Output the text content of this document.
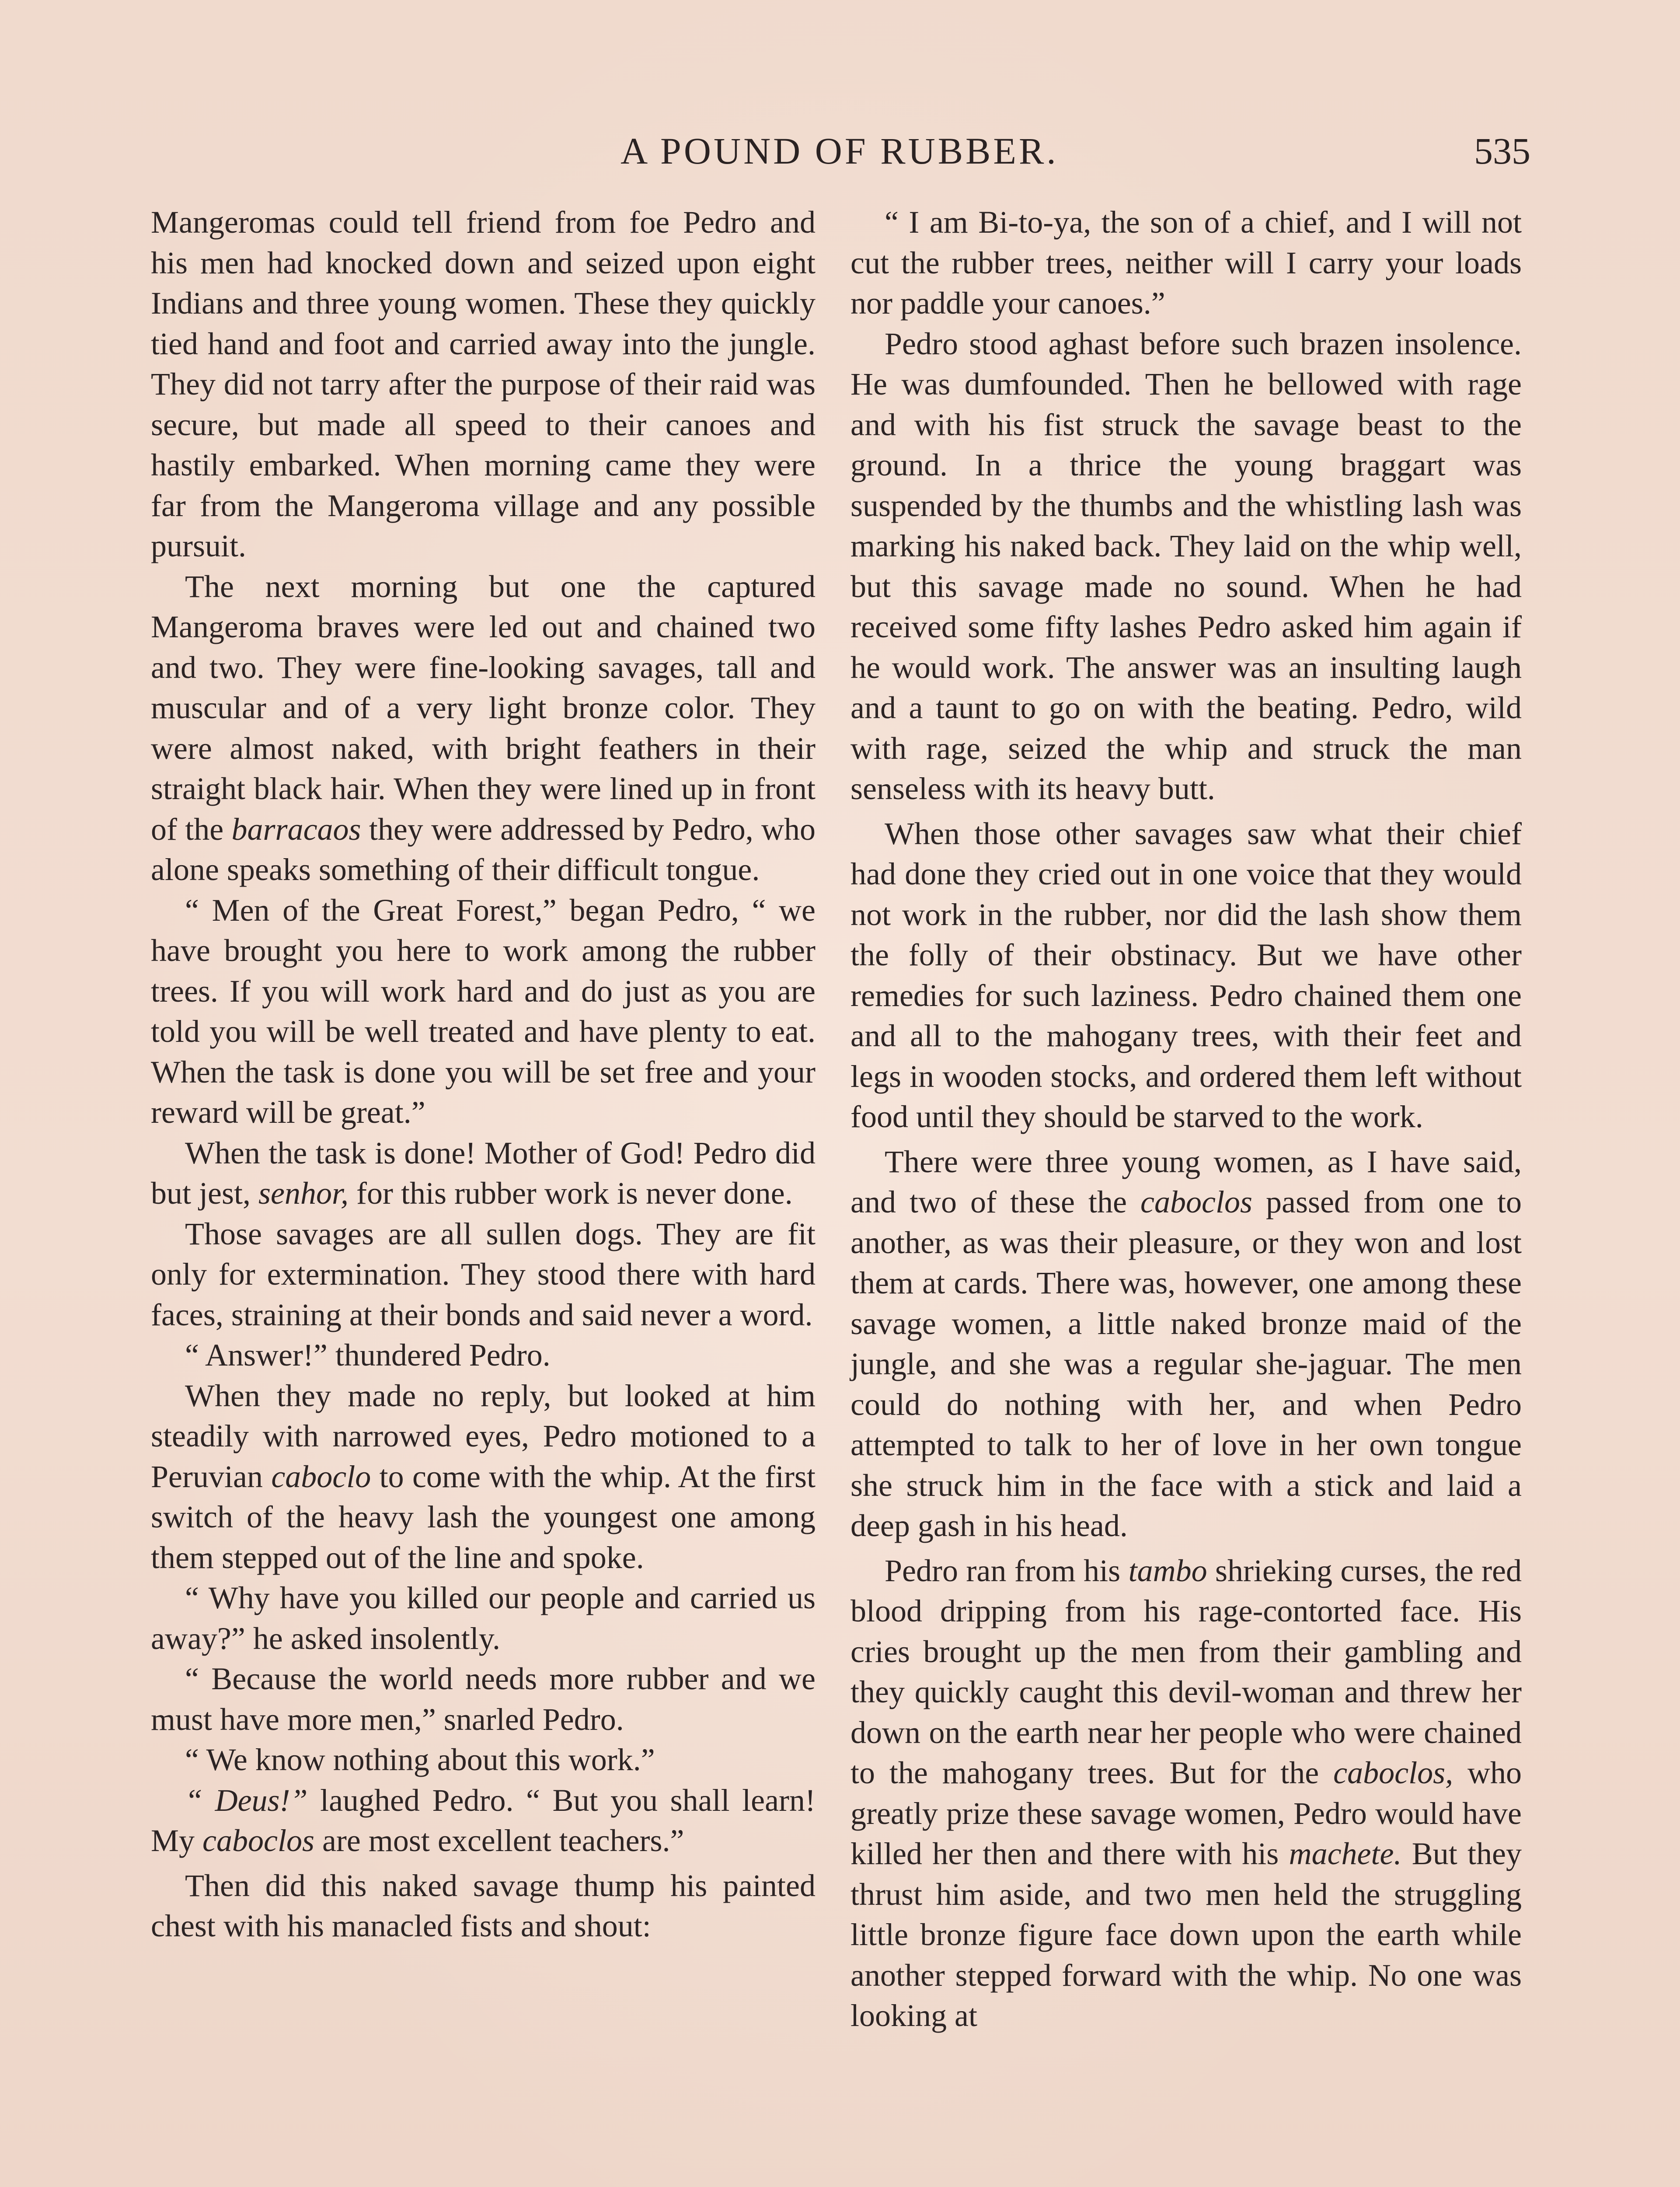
A POUND OF RUBBER.	535

Mangeromas could tell friend from foe Pedro and his men had knocked down and seized upon eight Indians and three young women. These they quickly tied hand and foot and carried away into the jungle. They did not tarry after the purpose of their raid was secure, but made all speed to their canoes and hastily embarked. When morning came they were far from the Mangeroma village and any possible pursuit.

The next morning but one the captured Mangeroma braves were led out and chained two and two. They were fine-looking savages, tall and muscular and of a very light bronze color. They were almost naked, with bright feathers in their straight black hair. When they were lined up in front of the barracaos they were addressed by Pedro, who alone speaks something of their difficult tongue.

“ Men of the Great Forest,” began Pedro, “ we have brought you here to work among the rubber trees. If you will work hard and do just as you are told you will be well treated and have plenty to eat. When the task is done you will be set free and your reward will be great.”

When the task is done! Mother of God! Pedro did but jest, senhor, for this rubber work is never done.

Those savages are all sullen dogs. They are fit only for extermination. They stood there with hard faces, straining at their bonds and said never a word.

“ Answer!” thundered Pedro.

When they made no reply, but looked at him steadily with narrowed eyes, Pedro motioned to a Peruvian caboclo to come with the whip. At the first switch of the heavy lash the youngest one among them stepped out of the line and spoke.

“ Why have you killed our people and carried us away?” he asked insolently.

“ Because the world needs more rubber and we must have more men,” snarled Pedro.

“ We know nothing about this work.”

“ Deus!” laughed Pedro. “ But you shall learn! My caboclos are most excellent teachers.”

Then did this naked savage thump his painted chest with his manacled fists and shout:

“ I am Bi-to-ya, the son of a chief, and I will not cut the rubber trees, neither will I carry your loads nor paddle your canoes.”

Pedro stood aghast before such brazen insolence. He was dumfounded. Then he bellowed with rage and with his fist struck the savage beast to the ground. In a thrice the young braggart was suspended by the thumbs and the whistling lash was marking his naked back. They laid on the whip well, but this savage made no sound. When he had received some fifty lashes Pedro asked him again if he would work. The answer was an insulting laugh and a taunt to go on with the beating. Pedro, wild with rage, seized the whip and struck the man senseless with its heavy butt.

When those other savages saw what their chief had done they cried out in one voice that they would not work in the rubber, nor did the lash show them the folly of their obstinacy. But we have other remedies for such laziness. Pedro chained them one and all to the mahogany trees, with their feet and legs in wooden stocks, and ordered them left without food until they should be starved to the work.

There were three young women, as I have said, and two of these the caboclos passed from one to another, as was their pleasure, or they won and lost them at cards. There was, however, one among these savage women, a little naked bronze maid of the jungle, and she was a regular she-jaguar. The men could do nothing with her, and when Pedro attempted to talk to her of love in her own tongue she struck him in the face with a stick and laid a deep gash in his head.

Pedro ran from his tambo shrieking curses, the red blood dripping from his rage-contorted face. His cries brought up the men from their gambling and they quickly caught this devil-woman and threw her down on the earth near her people who were chained to the mahogany trees. But for the caboclos, who greatly prize these savage women, Pedro would have killed her then and there with his machete. But they thrust him aside, and two men held the struggling little bronze figure face down upon the earth while another stepped forward with the whip. No one was looking at
